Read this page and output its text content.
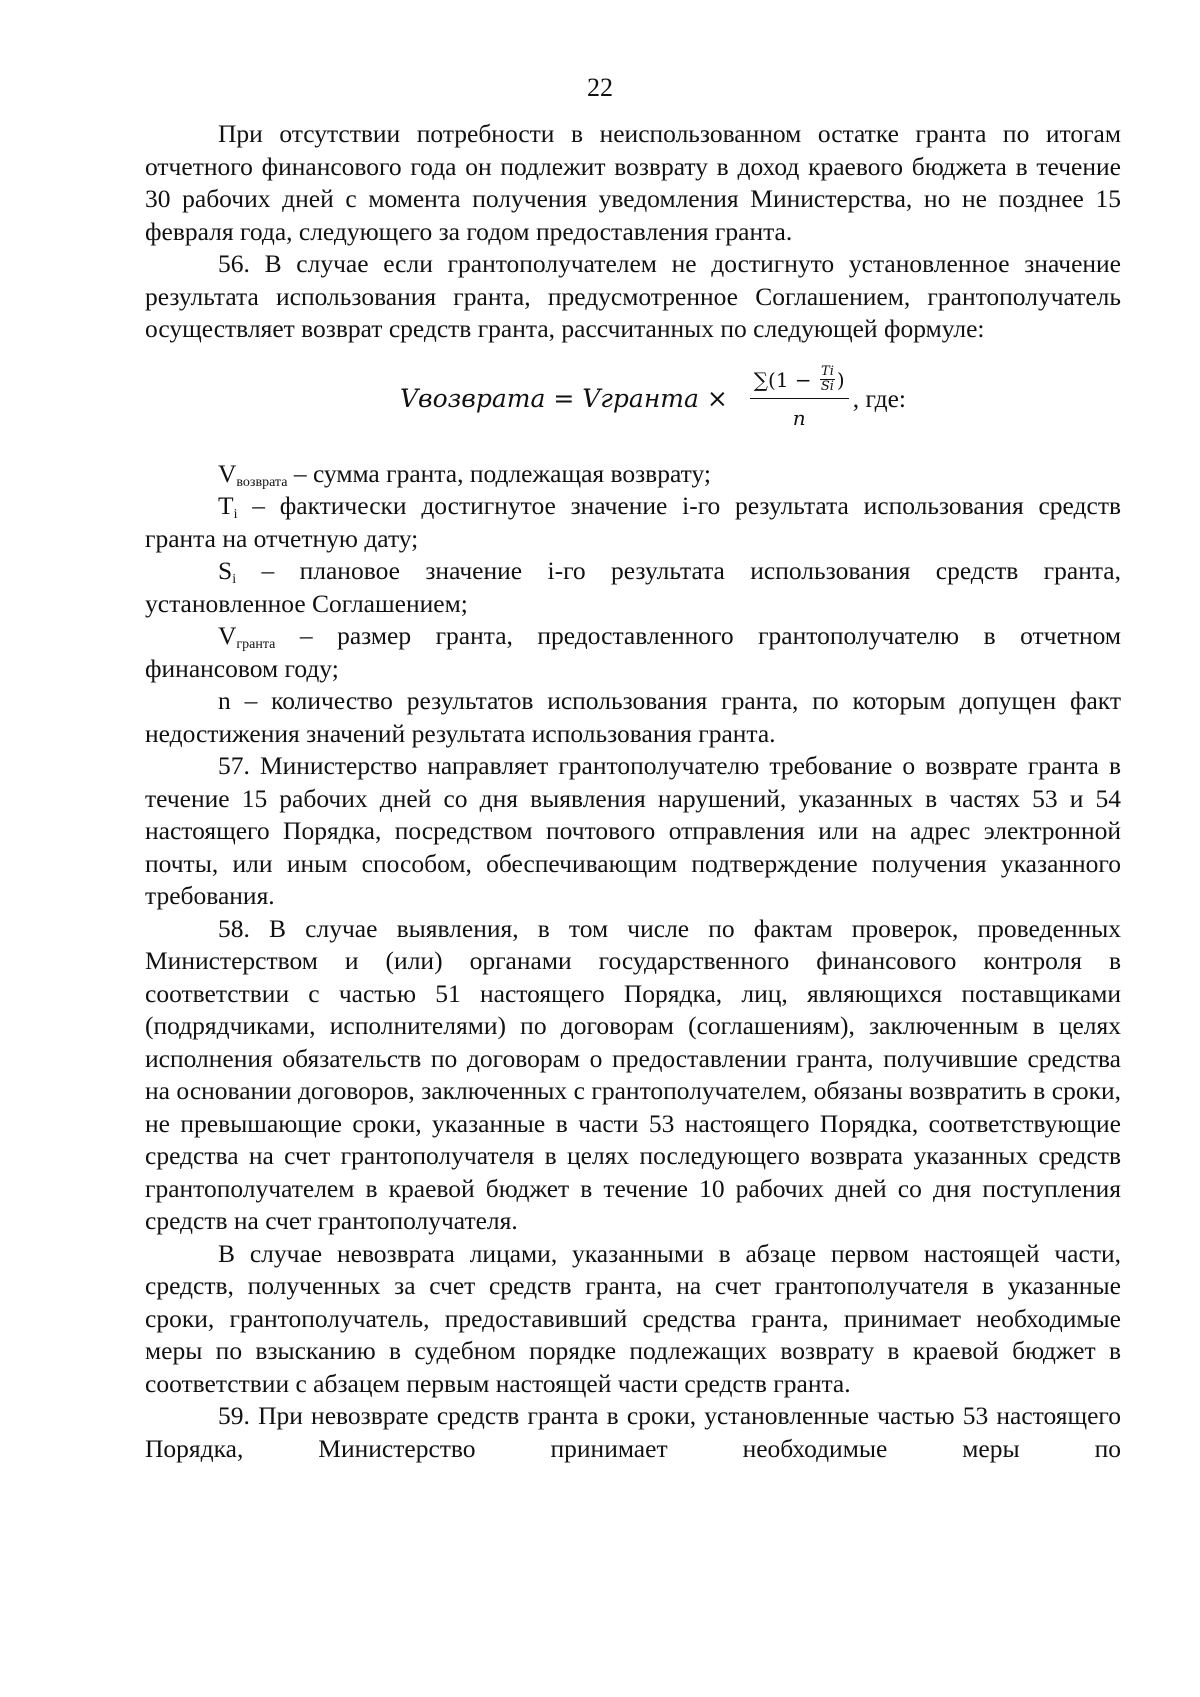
22

При отсутствии потребности в неиспользованном остатке гранта по итогам отчетного финансового года он подлежит возврату в доход краевого бюджета в течение 30 рабочих дней с момента получения уведомления Министерства, но не позднее 15 февраля года, следующего за годом предоставления гранта.

56. В случае если грантополучателем не достигнуто установленное значение результата использования гранта, предусмотренное Соглашением, грантополучатель осуществляет возврат средств гранта, рассчитанных по следующей формуле:

Vвозврата = Vгранта ×
$\sum(1 - \frac{Ti}{Si}$ )
n
, где:

$V_{возврата}$ – сумма гранта, подлежащая возврату;

$T_i$ – фактически достигнутое значение i-го результата использования средств гранта на отчетную дату;

$S_i$ – плановое значение i-го результата использования средств гранта, установленное Соглашением;

$V_{гранта}$ – размер гранта, предоставленного грантополучателю в отчетном финансовом году;

n – количество результатов использования гранта, по которым допущен факт недостижения значений результата использования гранта.

57. Министерство направляет грантополучателю требование о возврате гранта в течение 15 рабочих дней со дня выявления нарушений, указанных в частях 53 и 54 настоящего Порядка, посредством почтового отправления или на адрес электронной почты, или иным способом, обеспечивающим подтверждение получения указанного требования.

58. В случае выявления, в том числе по фактам проверок, проведенных Министерством и (или) органами государственного финансового контроля в соответствии с частью 51 настоящего Порядка, лиц, являющихся поставщиками (подрядчиками, исполнителями) по договорам (соглашениям), заключенным в целях исполнения обязательств по договорам о предоставлении гранта, получившие средства на основании договоров, заключенных с грантополучателем, обязаны возвратить в сроки, не превышающие сроки, указанные в части 53 настоящего Порядка, соответствующие средства на счет грантополучателя в целях последующего возврата указанных средств грантополучателем в краевой бюджет в течение 10 рабочих дней со дня поступления средств на счет грантополучателя.

В случае невозврата лицами, указанными в абзаце первом настоящей части, средств, полученных за счет средств гранта, на счет грантополучателя в указанные сроки, грантополучатель, предоставивший средства гранта, принимает необходимые меры по взысканию в судебном порядке подлежащих возврату в краевой бюджет в соответствии с абзацем первым настоящей части средств гранта.

59. При невозврате средств гранта в сроки, установленные частью 53 настоящего Порядка, Министерство принимает необходимые меры по
